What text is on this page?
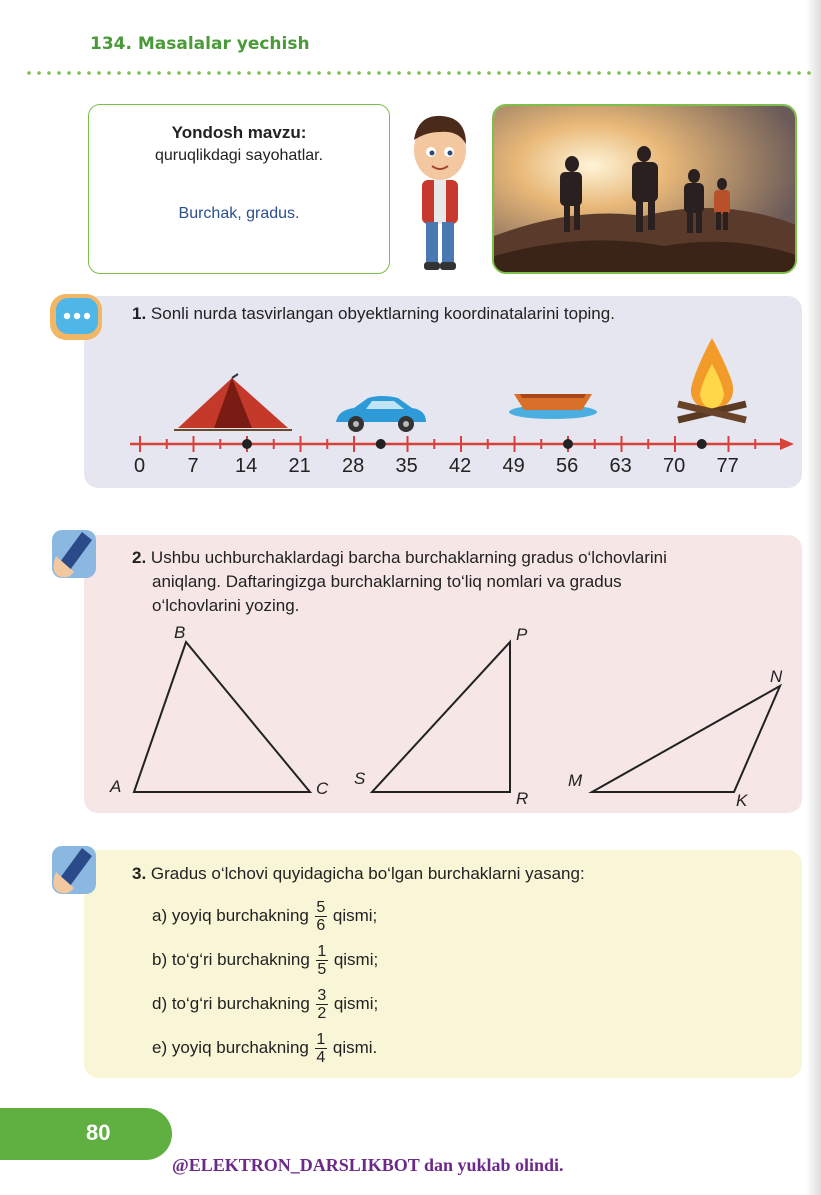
134. Masalalar yechish
Yondosh mavzu:
quruqlikdagi sayohatlar.
Burchak, gradus.
1. Sonli nurda tasvirlangan obyektlarning koordinatalarini toping.
0 7 14 21 28 35 42 49 56 63 70 77
2. Ushbu uchburchaklardagi barcha burchaklarning gradus o‘lchovlarini
aniqlang. Daftaringizga burchaklarning to‘liq nomlari va gradus
o‘lchovlarini yozing.
A
B
C
S
P
R
M
N
K
3. Gradus o‘lchovi quyidagicha bo‘lgan burchaklarni yasang:
a) yoyiq burchakning $\frac{5}{6}$ qismi;
b) to‘g‘ri burchakning $\frac{1}{5}$ qismi;
d) to‘g‘ri burchakning $\frac{3}{2}$ qismi;
e) yoyiq burchakning $\frac{1}{4}$ qismi.
80
@ELEKTRON_DARSLIKBOT dan yuklab olindi.
